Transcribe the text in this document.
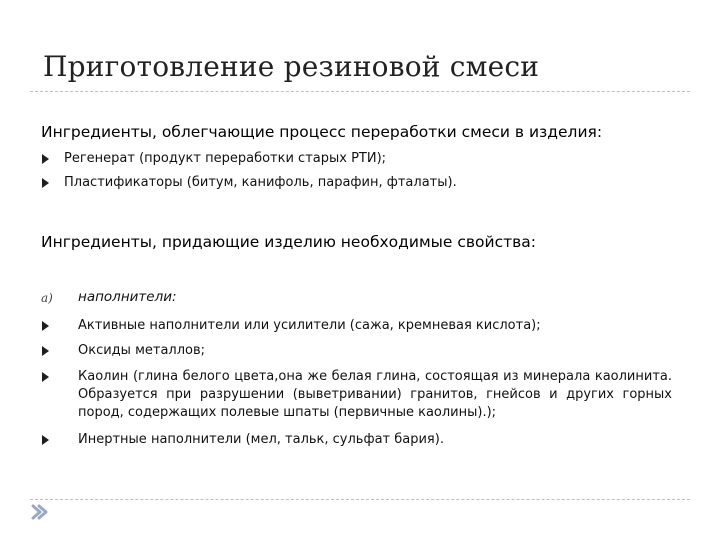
Приготовление резиновой смеси
Ингредиенты, облегчающие процесс переработки смеси в изделия:
Регенерат (продукт переработки старых РТИ);
Пластификаторы (битум, канифоль, парафин, фталаты).
Ингредиенты, придающие изделию необходимые свойства:
a) наполнители:
Активные наполнители или усилители (сажа, кремневая кислота);
Оксиды металлов;
Каолин (глина белого цвета,она же белая глина, состоящая из минерала каолинита. Образуется при разрушении (выветривании) гранитов, гнейсов и других горных пород, содержащих полевые шпаты (первичные каолины).);
Инертные наполнители (мел, тальк, сульфат бария).
